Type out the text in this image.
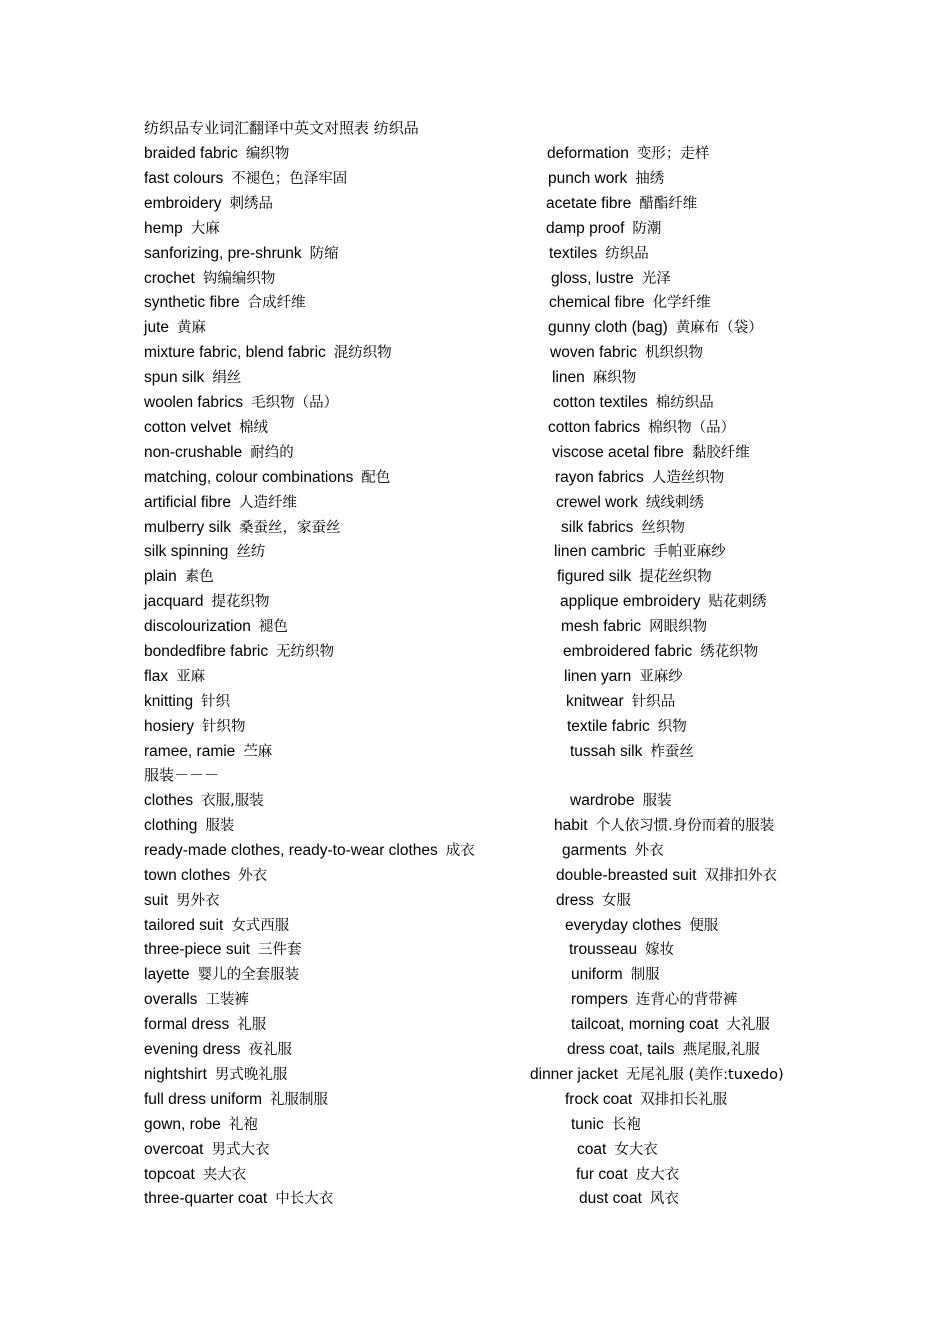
纺织品专业词汇翻译中英文对照表 纺织品
braided fabric 编织物	deformation 变形；走样
fast colours 不褪色；色泽牢固	punch work 抽绣
embroidery 刺绣品	acetate fibre 醋酯纤维
hemp 大麻	damp proof 防潮
sanforizing, pre-shrunk 防缩	textiles 纺织品
crochet 钩编编织物	gloss, lustre 光泽
synthetic fibre 合成纤维	chemical fibre 化学纤维
jute 黄麻	gunny cloth (bag) 黄麻布（袋）
mixture fabric, blend fabric 混纺织物	woven fabric 机织织物
spun silk 绢丝	linen 麻织物
woolen fabrics 毛织物（品）	cotton textiles 棉纺织品
cotton velvet 棉绒	cotton fabrics 棉织物（品）
non-crushable 耐绉的	viscose acetal fibre 黏胶纤维
matching, colour combinations 配色	rayon fabrics 人造丝织物
artificial fibre 人造纤维	crewel work 绒线刺绣
mulberry silk 桑蚕丝，家蚕丝	silk fabrics 丝织物
silk spinning 丝纺	linen cambric 手帕亚麻纱
plain 素色	figured silk 提花丝织物
jacquard 提花织物	applique embroidery 贴花刺绣
discolourization 褪色	mesh fabric 网眼织物
bondedfibre fabric 无纺织物	embroidered fabric 绣花织物
flax 亚麻	linen yarn 亚麻纱
knitting 针织	knitwear 针织品
hosiery 针织物	textile fabric 织物
ramee, ramie 苎麻	tussah silk 柞蚕丝
服装－－－
clothes 衣服,服装	wardrobe 服装
clothing 服装	habit 个人依习惯.身份而着的服装
ready-made clothes, ready-to-wear clothes 成衣	garments 外衣
town clothes 外衣	double-breasted suit 双排扣外衣
suit 男外衣	dress 女服
tailored suit 女式西服	everyday clothes 便服
three-piece suit 三件套	trousseau 嫁妆
layette 婴儿的全套服装	uniform 制服
overalls 工装裤	rompers 连背心的背带裤
formal dress 礼服	tailcoat, morning coat 大礼服
evening dress 夜礼服	dress coat, tails 燕尾服,礼服
nightshirt 男式晚礼服	dinner jacket 无尾礼服 (美作:tuxedo)
full dress uniform 礼服制服	frock coat 双排扣长礼服
gown, robe 礼袍	tunic 长袍
overcoat 男式大衣	coat 女大衣
topcoat 夹大衣	fur coat 皮大衣
three-quarter coat 中长大衣	dust coat 风衣
